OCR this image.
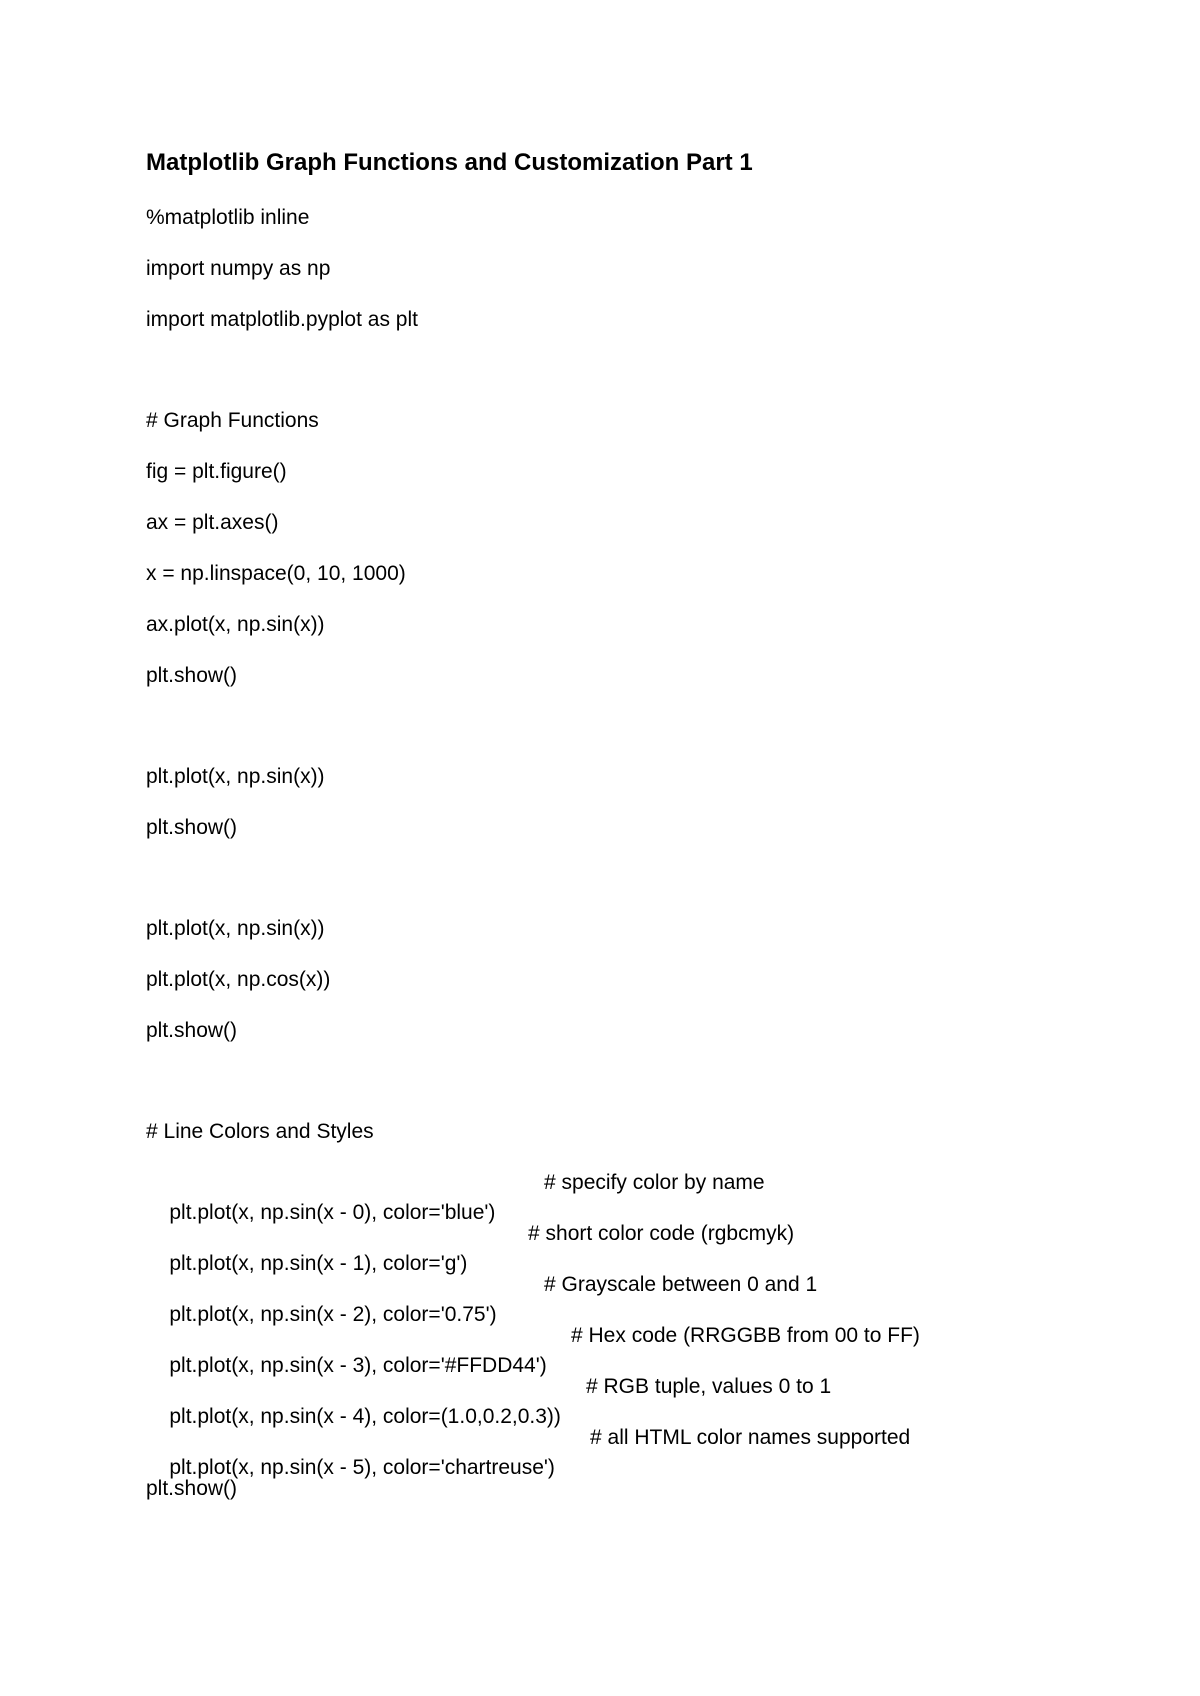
Matplotlib Graph Functions and Customization Part 1
%matplotlib inline
import numpy as np
import matplotlib.pyplot as plt
# Graph Functions
fig = plt.figure()
ax = plt.axes()
x = np.linspace(0, 10, 1000)
ax.plot(x, np.sin(x))
plt.show()
plt.plot(x, np.sin(x))
plt.show()
plt.plot(x, np.sin(x))
plt.plot(x, np.cos(x))
plt.show()
# Line Colors and Styles

plt.plot(x, np.sin(x - 0), color='blue')

# specify color by name

plt.plot(x, np.sin(x - 1), color='g')

# short color code (rgbcmyk)

plt.plot(x, np.sin(x - 2), color='0.75')

# Grayscale between 0 and 1

plt.plot(x, np.sin(x - 3), color='#FFDD44')

# Hex code (RRGGBB from 00 to FF)

plt.plot(x, np.sin(x - 4), color=(1.0,0.2,0.3))

# RGB tuple, values 0 to 1

plt.plot(x, np.sin(x - 5), color='chartreuse')

# all HTML color names supported

plt.show()
